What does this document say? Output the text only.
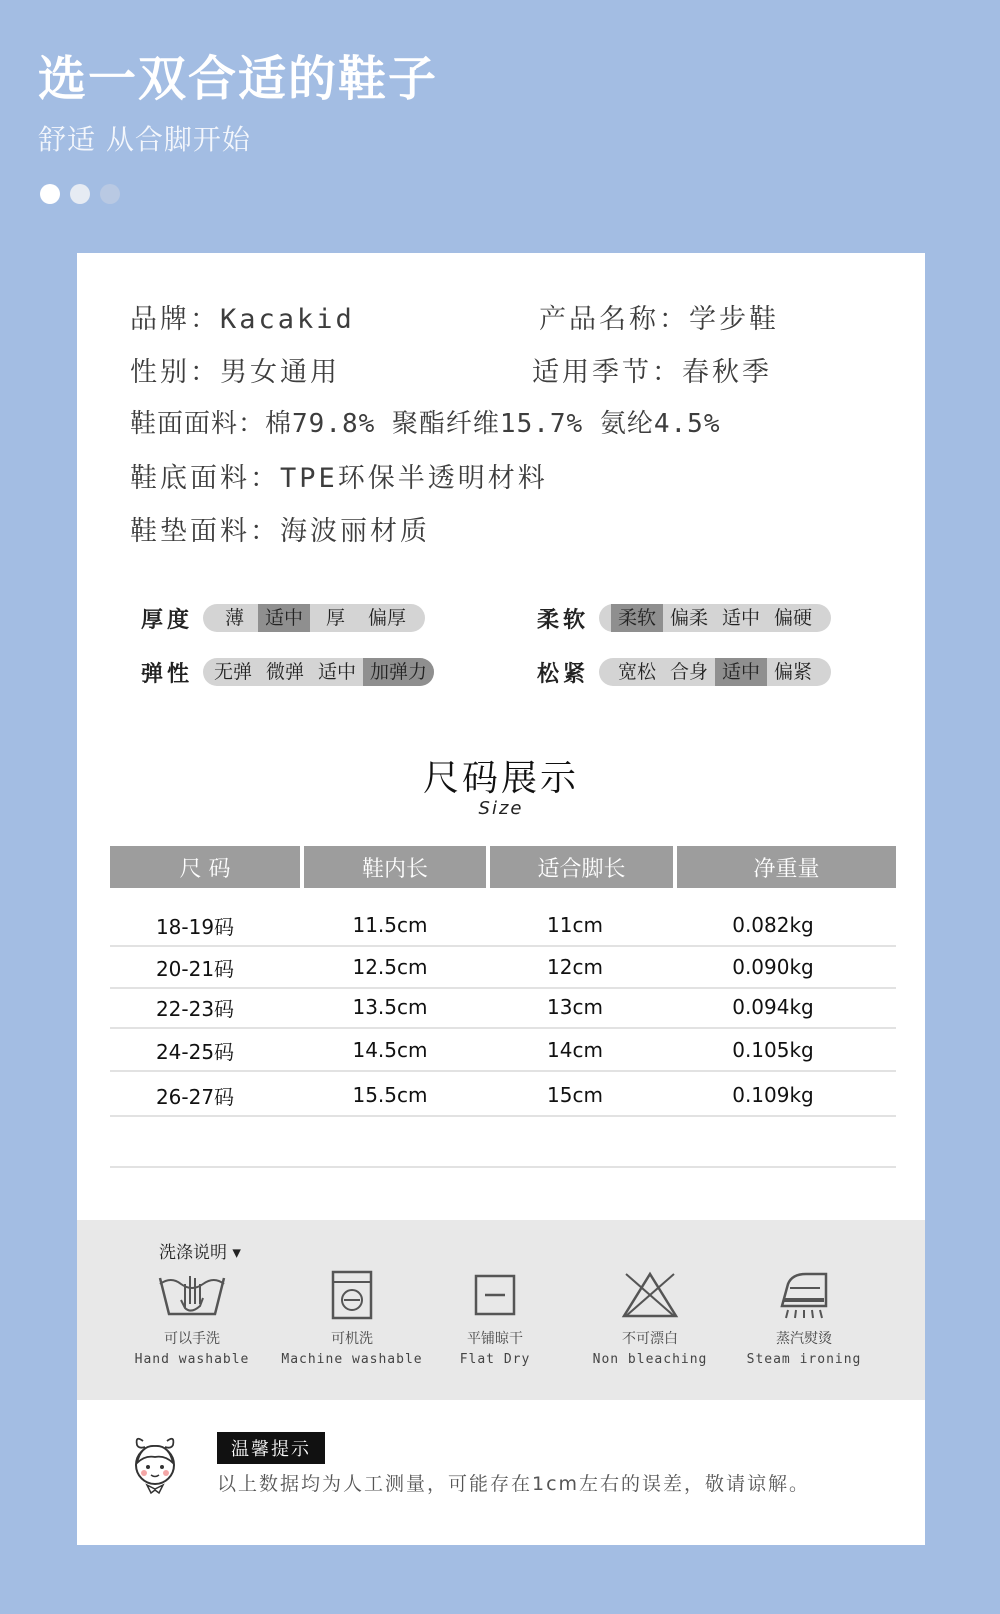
选一双合适的鞋子
舒适 从合脚开始
品牌：Kacakid	产品名称：学步鞋
性别：男女通用	适用季节：春秋季
鞋面面料：棉79.8% 聚酯纤维15.7% 氨纶4.5%
鞋底面料：TPE环保半透明材料
鞋垫面料：海波丽材质
厚度	薄	适中	厚	偏厚	柔软	柔软 偏柔 适中 偏硬
弹性	无弹 微弹 适中 加弹力	松紧	宽松 合身 适中 偏紧
尺码展示
Size
尺 码	鞋内长	适合脚长	净重量
18-19码	11.5cm	11cm	0.082kg
20-21码	12.5cm	12cm	0.090kg
22-23码	13.5cm	13cm	0.094kg
24-25码	14.5cm	14cm	0.105kg
26-27码	15.5cm	15cm	0.109kg
洗涤说明 ▾
可以手洗
Hand washable
可机洗
Machine washable
平铺晾干
Flat Dry
不可漂白
Non bleaching
蒸汽熨烫
Steam ironing
温馨提示
以上数据均为人工测量，可能存在1cm左右的误差，敬请谅解。
